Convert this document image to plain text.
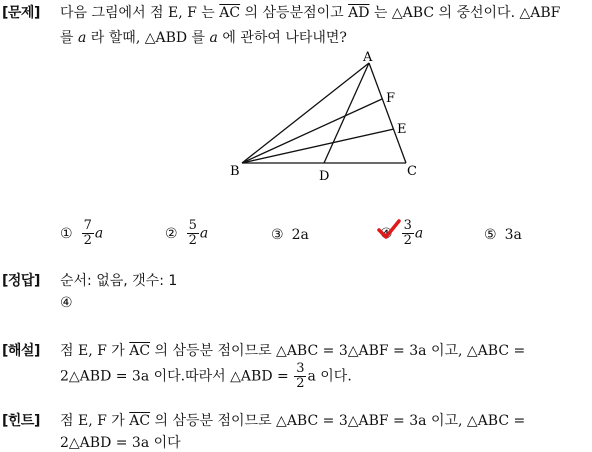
[문제] 다음 그림에서 점 E, F 는 $\overline{AC}$ 의 삼등분점이고 $\overline{AD}$ 는 △ABC 의 중선이다. △ABF
를 a 라 할때, △ABD 를 a 에 관하여 나타내면?
A
B	C
D
E
F
① $\frac{7}{2}$ a	② $\frac{5}{2}$ a	③ 2a	④ $\frac{3}{2}$ a	⑤ 3a
[정답] 순서: 없음, 갯수: 1
④
[해설] 점 E, F 가 $\overline{AC}$ 의 삼등분 점이므로 △ABC = 3△ABF = 3a 이고, △ABC =
2△ABD = 3a 이다.따라서 △ABD = $\frac{3}{2}$ a 이다.
[힌트] 점 E, F 가 $\overline{AC}$ 의 삼등분 점이므로 △ABC = 3△ABF = 3a 이고, △ABC =
2△ABD = 3a 이다
